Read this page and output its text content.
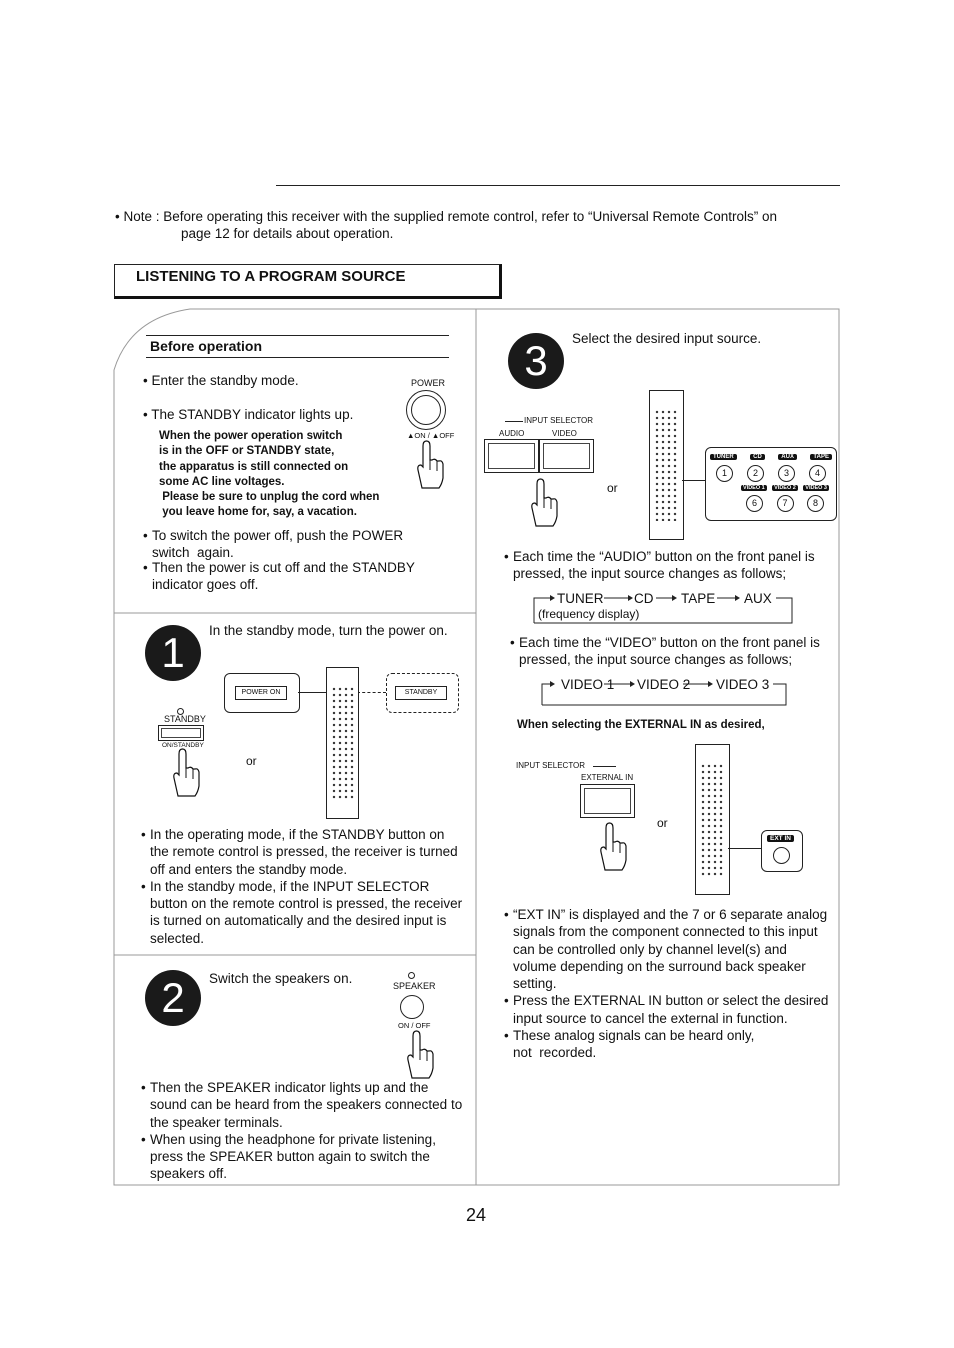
• Note : Before operating this receiver with the supplied remote control, refer to “Universal Remote Controls” on
page 12 for details about operation.
LISTENING TO A PROGRAM SOURCE
Before operation
• Enter the standby mode.
• The STANDBY indicator lights up.
When the power operation switch
is in the OFF or STANDBY state,
the apparatus is still connected on
some AC line voltages.
Please be sure to unplug the cord when
you leave home for, say, a vacation.
POWER
▲ON / ▲OFF
• To switch the power off, push the POWER switch  again.
• Then the power is cut off and the STANDBY indicator goes off.
1	In the standby mode, turn the power on.
STANDBY
ON/STANDBY
or
POWER ON	STANDBY
• In the operating mode, if the STANDBY button on the remote control is pressed, the receiver is turned off and enters the standby mode.
• In the standby mode, if the INPUT SELECTOR button on the remote control is pressed, the receiver is turned on automatically and the desired input is selected.
2	Switch the speakers on.	SPEAKER
ON / OFF
• Then the SPEAKER indicator lights up and the sound can be heard from the speakers connected to the speaker terminals.
• When using the headphone for private listening, press the SPEAKER button again to switch the speakers off.
3	Select the desired input source.
INPUT SELECTOR
AUDIO	VIDEO
or
TUNER	CD	AUX	TAPE
1	2	3	4
VIDEO 1	VIDEO 2	VIDEO 3
6	7	8
• Each time the “AUDIO” button on the front panel is pressed, the input source changes as follows;
TUNER CD TAPE AUX
(frequency display)
• Each time the “VIDEO” button on the front panel is pressed, the input source changes as follows;
VIDEO 1 VIDEO 2 VIDEO 3
When selecting the EXTERNAL IN as desired,
INPUT SELECTOR
EXTERNAL IN
or
EXT IN
• “EXT IN” is displayed and the 7 or 6 separate analog signals from the component connected to this input can be controlled only by channel level(s) and volume depending on the surround back speaker setting.
• Press the EXTERNAL IN button or select the desired input source to cancel the external in function.
• These analog signals can be heard only, not  recorded.
24
